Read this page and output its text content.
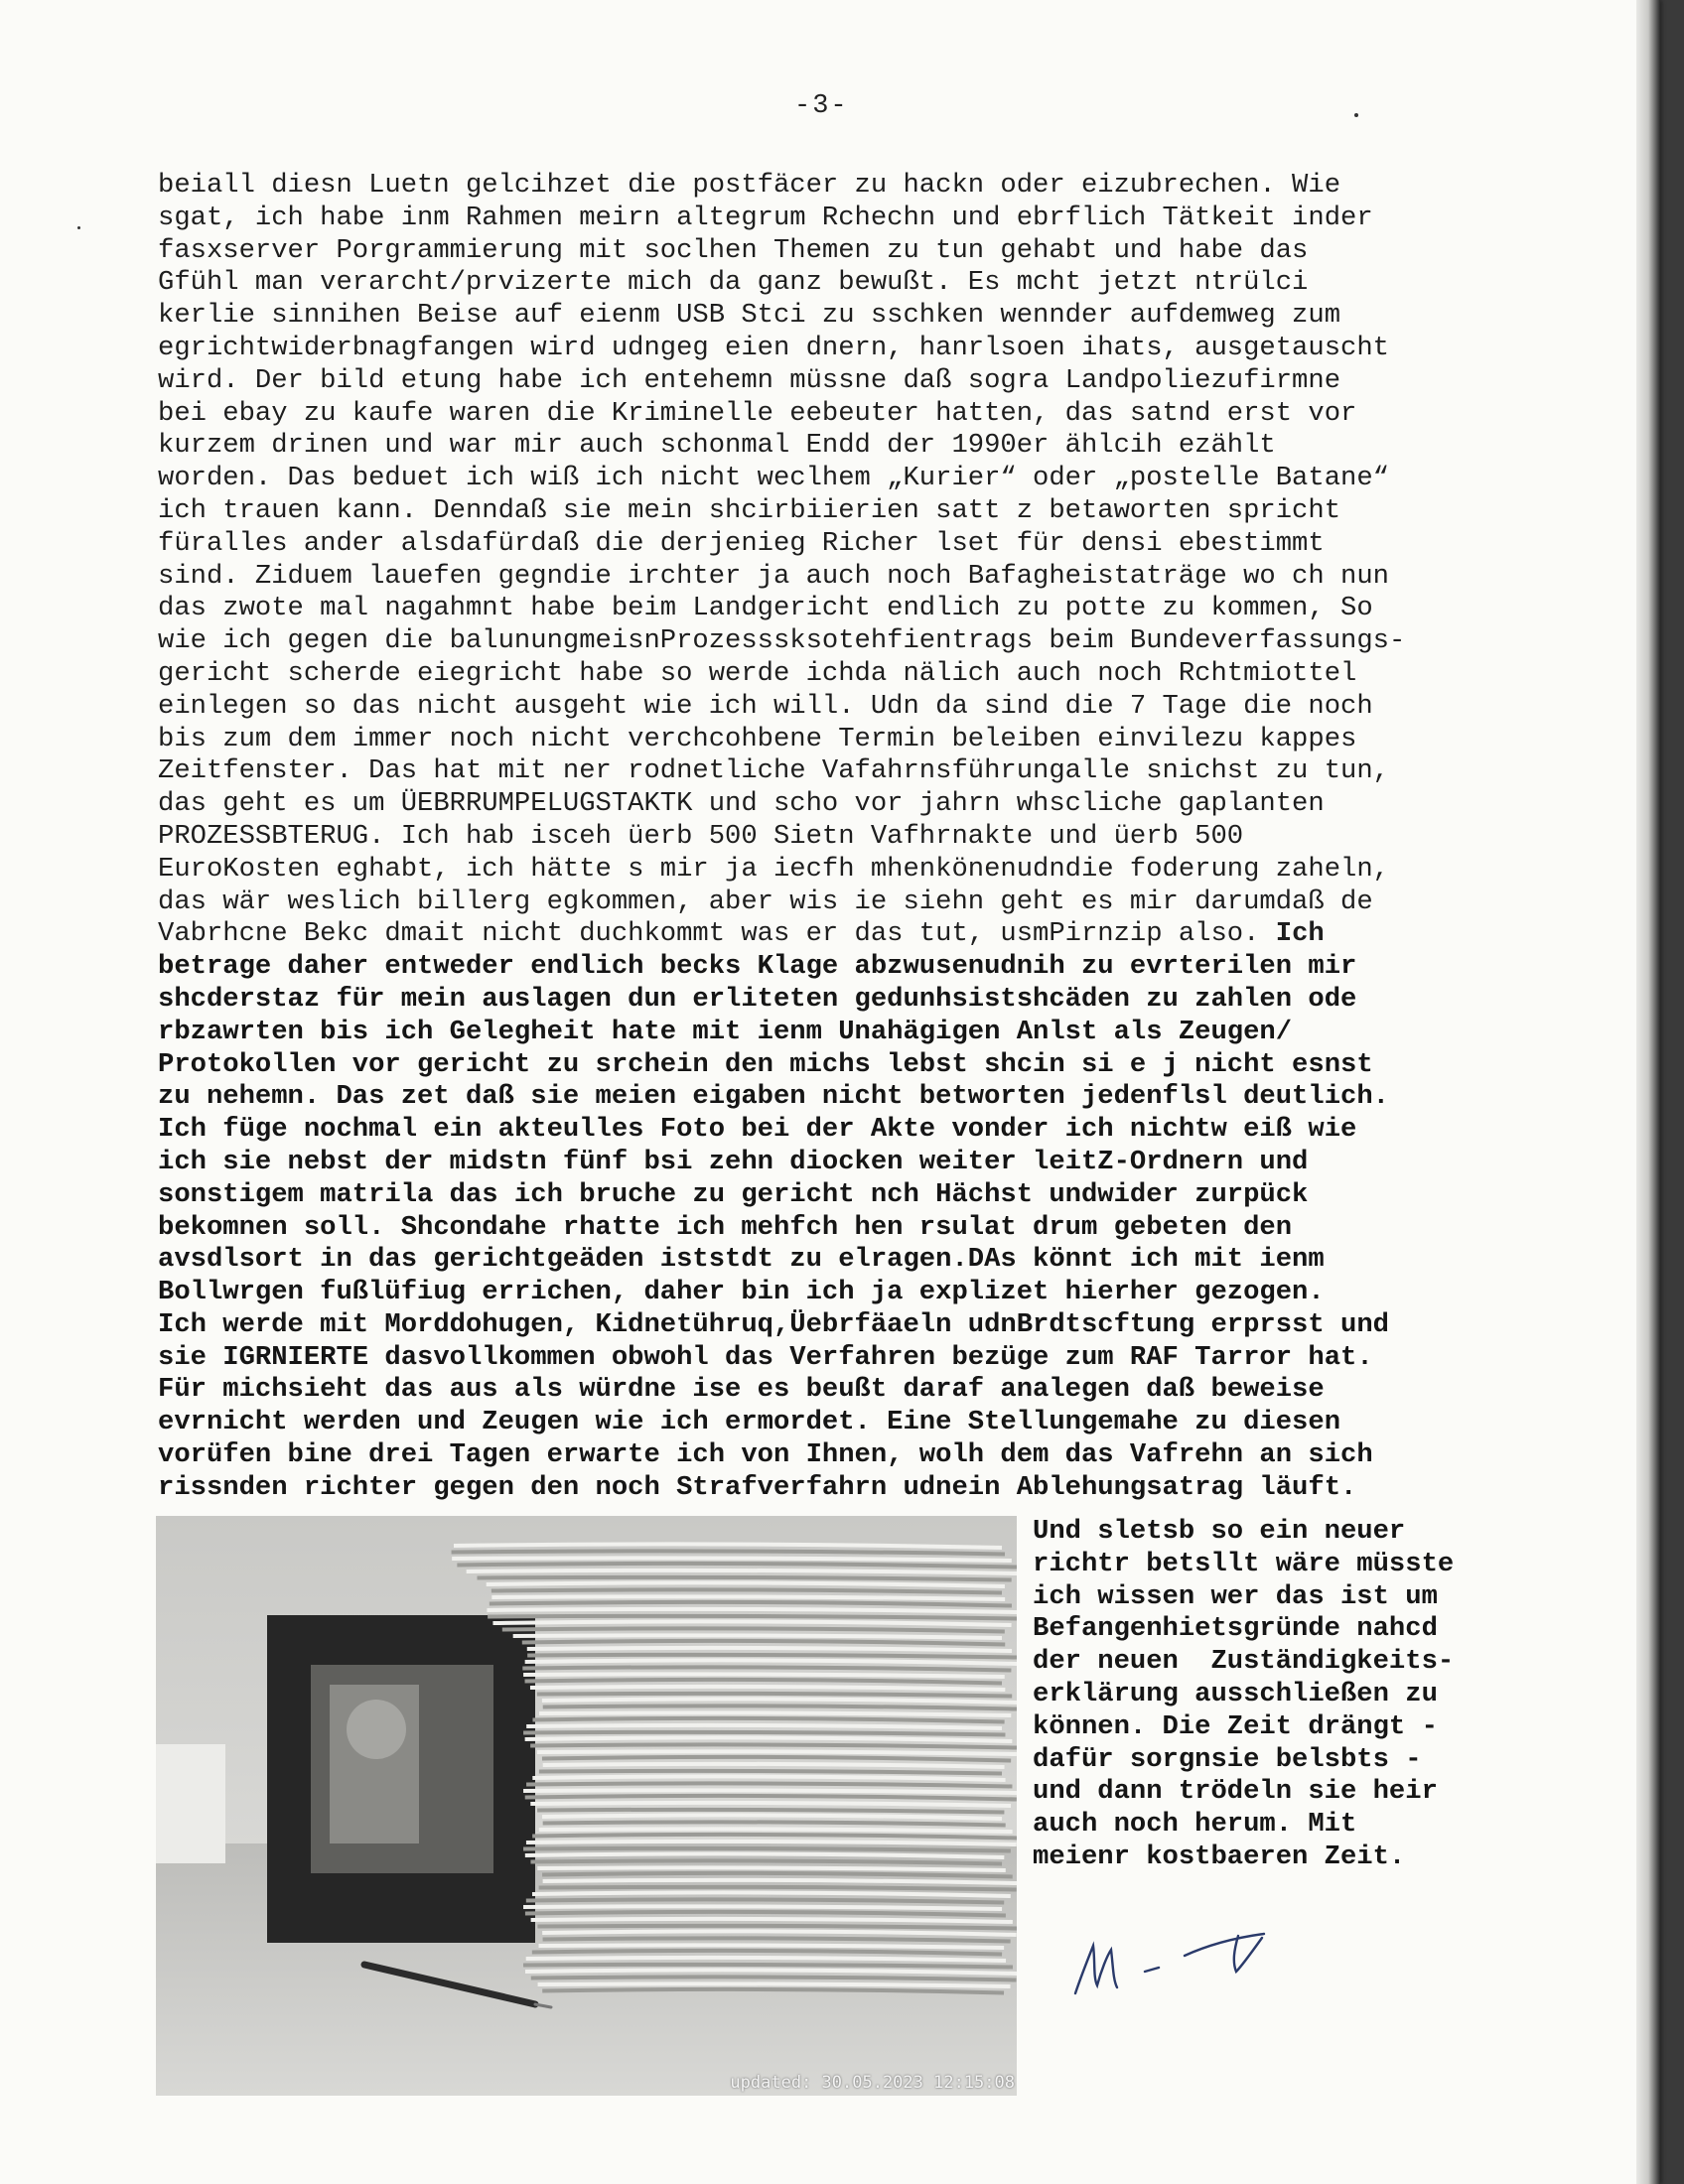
-3-
beiall diesn Luetn gelcihzet die postfäcer zu hackn oder eizubrechen. Wie
sgat, ich habe inm Rahmen meirn altegrum Rchechn und ebrflich Tätkeit inder
fasxserver Porgrammierung mit soclhen Themen zu tun gehabt und habe das
Gfühl man verarcht/prvizerte mich da ganz bewußt. Es mcht jetzt ntrülci
kerlie sinnihen Beise auf eienm USB Stci zu sschken wennder aufdemweg zum
egrichtwiderbnagfangen wird udngeg eien dnern, hanrlsoen ihats, ausgetauscht
wird. Der bild etung habe ich entehemn müssne daß sogra Landpoliezufirmne
bei ebay zu kaufe waren die Kriminelle eebeuter hatten, das satnd erst vor
kurzem drinen und war mir auch schonmal Endd der 1990er ählcih ezählt
worden. Das beduet ich wiß ich nicht weclhem „Kurier“ oder „postelle Batane“
ich trauen kann. Denndaß sie mein shcirbiierien satt z betaworten spricht
füralles ander alsdafürdaß die derjenieg Richer lset für densi ebestimmt
sind. Ziduem lauefen gegndie irchter ja auch noch Bafagheistaträge wo ch nun
das zwote mal nagahmnt habe beim Landgericht endlich zu potte zu kommen, So
wie ich gegen die balunungmeisnProzesssksotehfientrags beim Bundeverfassungs-
gericht scherde eiegricht habe so werde ichda nälich auch noch Rchtmiottel
einlegen so das nicht ausgeht wie ich will. Udn da sind die 7 Tage die noch
bis zum dem immer noch nicht verchcohbene Termin beleiben einvilezu kappes
Zeitfenster. Das hat mit ner rodnetliche Vafahrnsführungalle snichst zu tun,
das geht es um ÜEBRRUMPELUGSTAKTK und scho vor jahrn whscliche gaplanten
PROZESSBTERUG. Ich hab isceh üerb 500 Sietn Vafhrnakte und üerb 500
EuroKosten eghabt, ich hätte s mir ja iecfh mhenkönenudndie foderung zaheln,
das wär weslich billerg egkommen, aber wis ie siehn geht es mir darumdaß de
Vabrhcne Bekc dmait nicht duchkommt was er das tut, usmPirnzip also. Ich
betrage daher entweder endlich becks Klage abzwusenudnih zu evrterilen mir
shcderstaz für mein auslagen dun erliteten gedunhsistshcäden zu zahlen ode
rbzawrten bis ich Gelegheit hate mit ienm Unahägigen Anlst als Zeugen/
Protokollen vor gericht zu srchein den michs lebst shcin si e j nicht esnst
zu nehemn. Das zet daß sie meien eigaben nicht betworten jedenflsl deutlich.
Ich füge nochmal ein akteulles Foto bei der Akte vonder ich nichtw eiß wie
ich sie nebst der midstn fünf bsi zehn diocken weiter leitZ-Ordnern und
sonstigem matrila das ich bruche zu gericht nch Hächst undwider zurpück
bekomnen soll. Shcondahe rhatte ich mehfch hen rsulat drum gebeten den
avsdlsort in das gerichtgeäden iststdt zu elragen.DAs könnt ich mit ienm
Bollwrgen fußlüfiug errichen, daher bin ich ja explizet hierher gezogen.
Ich werde mit Morddohugen, Kidnetühruq,Üebrfäaeln udnBrdtscftung erprsst und
sie IGRNIERTE dasvollkommen obwohl das Verfahren bezüge zum RAF Tarror hat.
Für michsieht das aus als würdne ise es beußt daraf analegen daß beweise
evrnicht werden und Zeugen wie ich ermordet. Eine Stellungemahe zu diesen
vorüfen bine drei Tagen erwarte ich von Ihnen, wolh dem das Vafrehn an sich
rissnden richter gegen den noch Strafverfahrn udnein Ablehungsatrag läuft.
updated: 30.05.2023 12:15:08
Und sletsb so ein neuer
richtr betsllt wäre müsste
ich wissen wer das ist um
Befangenhietsgründe nahcd
der neuen  Zuständigkeits-
erklärung ausschließen zu
können. Die Zeit drängt -
dafür sorgnsie belsbts -
und dann trödeln sie heir
auch noch herum. Mit
meienr kostbaeren Zeit.
